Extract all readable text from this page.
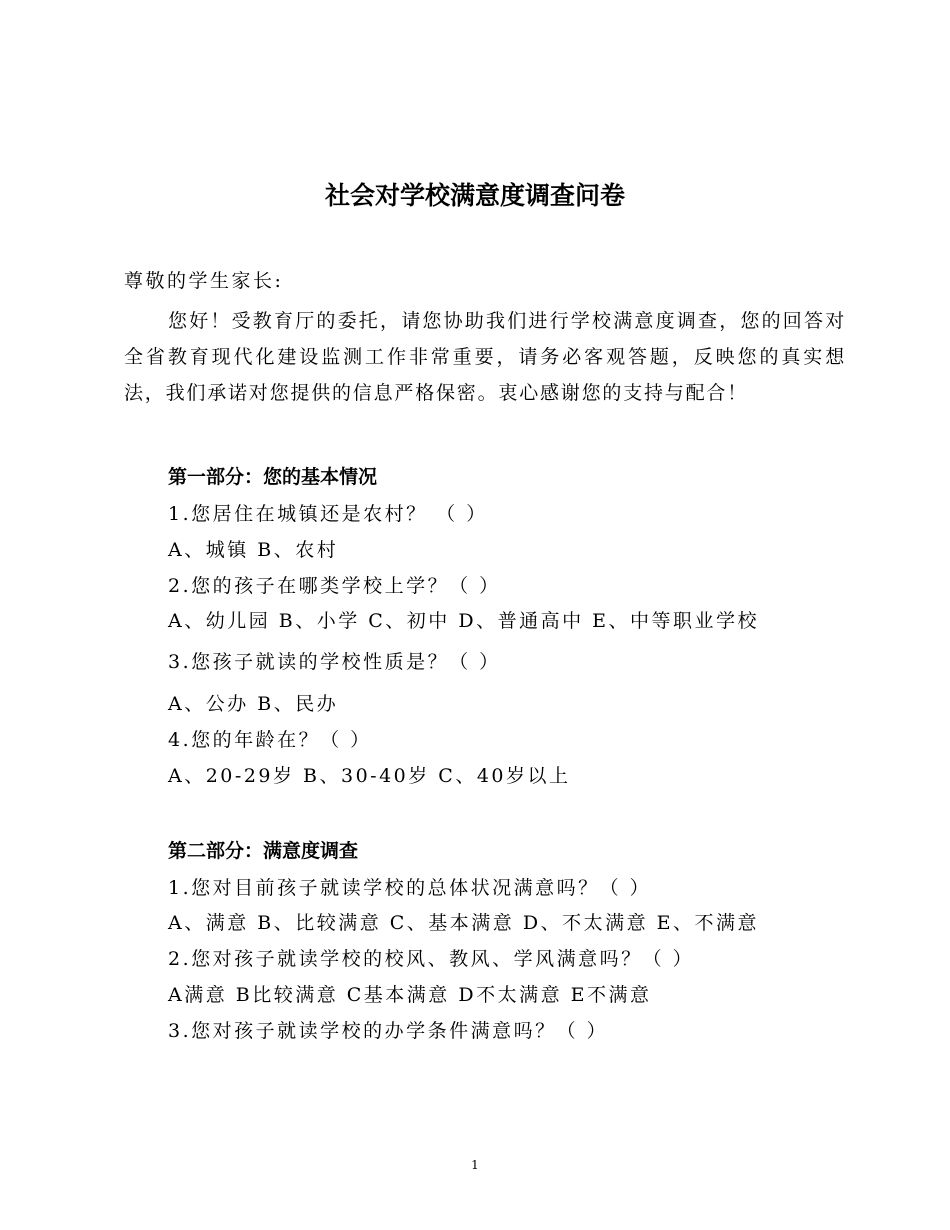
社会对学校满意度调查问卷
尊敬的学生家长:
您好！受教育厅的委托，请您协助我们进行学校满意度调查，您的回答对全省教育现代化建设监测工作非常重要，请务必客观答题，反映您的真实想法，我们承诺对您提供的信息严格保密。衷心感谢您的支持与配合！
第一部分：您的基本情况
1.您居住在城镇还是农村？ （ ）
A、城镇 B、农村
2.您的孩子在哪类学校上学？（ ）
A、幼儿园 B、小学 C、初中 D、普通高中 E、中等职业学校
3.您孩子就读的学校性质是？（ ）
A、公办 B、民办
4.您的年龄在？（ ）
A、20-29岁 B、30-40岁 C、40岁以上
第二部分：满意度调查
1.您对目前孩子就读学校的总体状况满意吗？（ ）
A、满意 B、比较满意 C、基本满意 D、不太满意 E、不满意
2.您对孩子就读学校的校风、教风、学风满意吗？（ ）
A满意 B比较满意 C基本满意 D不太满意 E不满意
3.您对孩子就读学校的办学条件满意吗？（ ）
1
